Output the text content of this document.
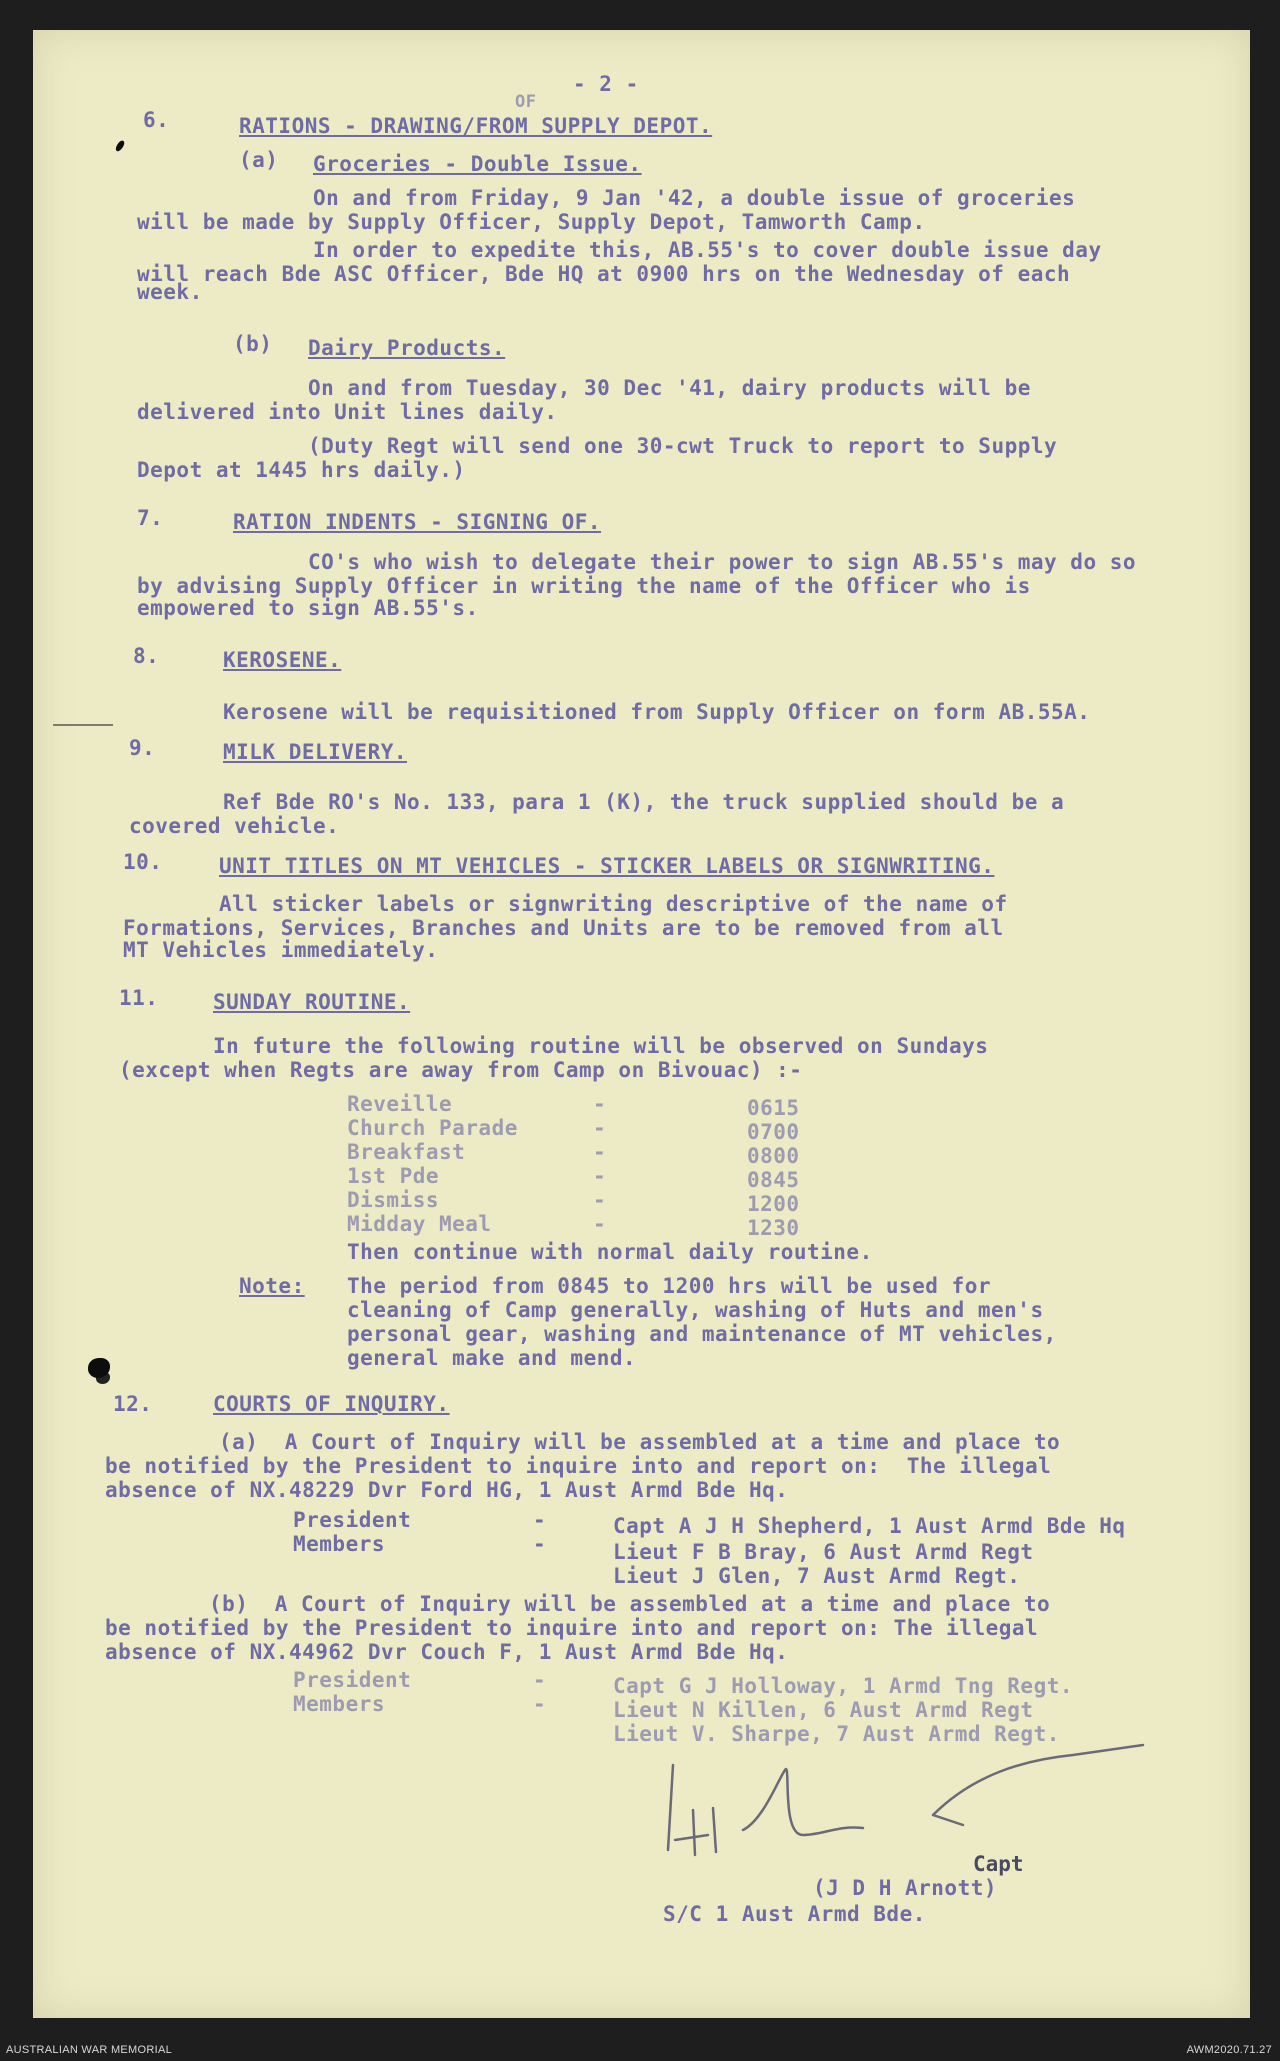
- 2 -
6.
OF
RATIONS - DRAWING/FROM SUPPLY DEPOT.
(a) Groceries - Double Issue.
On and from Friday, 9 Jan '42, a double issue of groceries
will be made by Supply Officer, Supply Depot, Tamworth Camp.
In order to expedite this, AB.55's to cover double issue day
will reach Bde ASC Officer, Bde HQ at 0900 hrs on the Wednesday of each
week.
(b) Dairy Products.
On and from Tuesday, 30 Dec '41, dairy products will be
delivered into Unit lines daily.
(Duty Regt will send one 30-cwt Truck to report to Supply
Depot at 1445 hrs daily.)
7.	RATION INDENTS - SIGNING OF.
CO's who wish to delegate their power to sign AB.55's may do so
by advising Supply Officer in writing the name of the Officer who is
empowered to sign AB.55's.
8.	KEROSENE.
Kerosene will be requisitioned from Supply Officer on form AB.55A.
9.	MILK DELIVERY.
Ref Bde RO's No. 133, para 1 (K), the truck supplied should be a
covered vehicle.
10.	UNIT TITLES ON MT VEHICLES - STICKER LABELS OR SIGNWRITING.
All sticker labels or signwriting descriptive of the name of
Formations, Services, Branches and Units are to be removed from all
MT Vehicles immediately.
11.	SUNDAY ROUTINE.
In future the following routine will be observed on Sundays
(except when Regts are away from Camp on Bivouac) :-
Reveille	-	0615
Church Parade	-	0700
Breakfast	-	0800
1st Pde	-	0845
Dismiss	-	1200
Midday Meal	-	1230
Then continue with normal daily routine.
Note: The period from 0845 to 1200 hrs will be used for
cleaning of Camp generally, washing of Huts and men's
personal gear, washing and maintenance of MT vehicles,
general make and mend.
12.	COURTS OF INQUIRY.
(a)  A Court of Inquiry will be assembled at a time and place to
be notified by the President to inquire into and report on:  The illegal
absence of NX.48229 Dvr Ford HG, 1 Aust Armd Bde Hq.
President	-	Capt A J H Shepherd, 1 Aust Armd Bde Hq
Members	-	Lieut F B Bray, 6 Aust Armd Regt
Lieut J Glen, 7 Aust Armd Regt.
(b)  A Court of Inquiry will be assembled at a time and place to
be notified by the President to inquire into and report on: The illegal
absence of NX.44962 Dvr Couch F, 1 Aust Armd Bde Hq.
President	-	Capt G J Holloway, 1 Armd Tng Regt.
Members	-	Lieut N Killen, 6 Aust Armd Regt
Lieut V. Sharpe, 7 Aust Armd Regt.
Capt
(J D H Arnott)
S/C 1 Aust Armd Bde.
AUSTRALIAN WAR MEMORIAL	AWM2020.71.27
